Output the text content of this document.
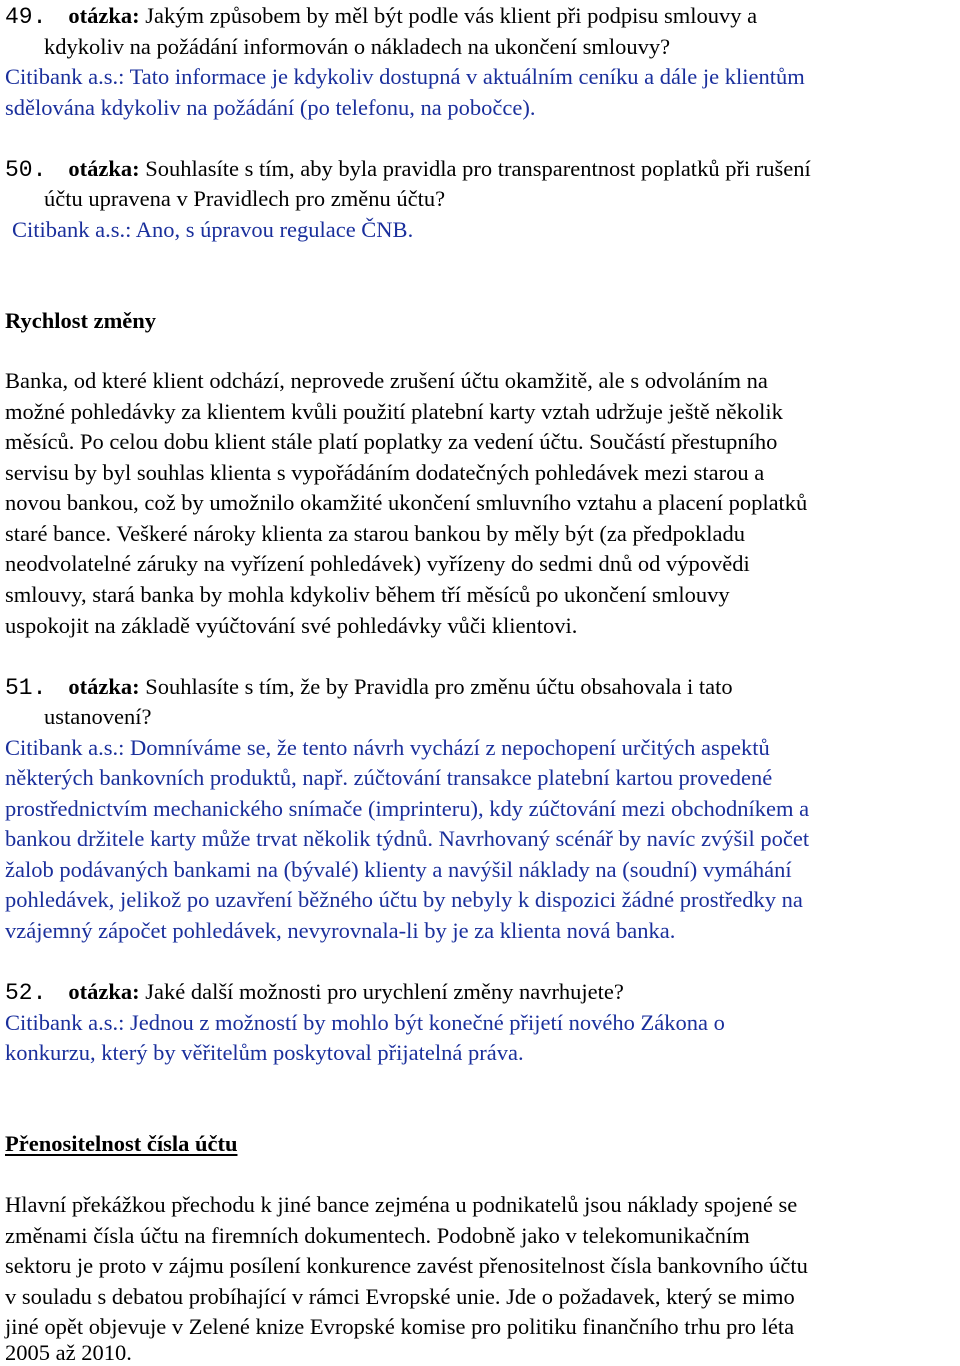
49. otázka: Jakým způsobem by měl být podle vás klient při podpisu smlouvy a
kdykoliv na požádání informován o nákladech na ukončení smlouvy?
Citibank a.s.: Tato informace je kdykoliv dostupná v aktuálním ceníku a dále je klientům
sdělována kdykoliv na požádání (po telefonu, na pobočce).
50. otázka: Souhlasíte s tím, aby byla pravidla pro transparentnost poplatků při rušení
účtu upravena v Pravidlech pro změnu účtu?
Citibank a.s.: Ano, s úpravou regulace ČNB.
Rychlost změny
Banka, od které klient odchází, neprovede zrušení účtu okamžitě, ale s odvoláním na
možné pohledávky za klientem kvůli použití platební karty vztah udržuje ještě několik
měsíců. Po celou dobu klient stále platí poplatky za vedení účtu. Součástí přestupního
servisu by byl souhlas klienta s vypořádáním dodatečných pohledávek mezi starou a
novou bankou, což by umožnilo okamžité ukončení smluvního vztahu a placení poplatků
staré bance. Veškeré nároky klienta za starou bankou by měly být (za předpokladu
neodvolatelné záruky na vyřízení pohledávek) vyřízeny do sedmi dnů od výpovědi
smlouvy, stará banka by mohla kdykoliv během tří měsíců po ukončení smlouvy
uspokojit na základě vyúčtování své pohledávky vůči klientovi.
51. otázka: Souhlasíte s tím, že by Pravidla pro změnu účtu obsahovala i tato
ustanovení?
Citibank a.s.: Domníváme se, že tento návrh vychází z nepochopení určitých aspektů
některých bankovních produktů, např. zúčtování transakce platební kartou provedené
prostřednictvím mechanického snímače (imprinteru), kdy zúčtování mezi obchodníkem a
bankou držitele karty může trvat několik týdnů. Navrhovaný scénář by navíc zvýšil počet
žalob podávaných bankami na (bývalé) klienty a navýšil náklady na (soudní) vymáhání
pohledávek, jelikož po uzavření běžného účtu by nebyly k dispozici žádné prostředky na
vzájemný zápočet pohledávek, nevyrovnala-li by je za klienta nová banka.
52. otázka: Jaké další možnosti pro urychlení změny navrhujete?
Citibank a.s.: Jednou z možností by mohlo být konečné přijetí nového Zákona o
konkurzu, který by věřitelům poskytoval přijatelná práva.
Přenositelnost čísla účtu
Hlavní překážkou přechodu k jiné bance zejména u podnikatelů jsou náklady spojené se
změnami čísla účtu na firemních dokumentech. Podobně jako v telekomunikačním
sektoru je proto v zájmu posílení konkurence zavést přenositelnost čísla bankovního účtu
v souladu s debatou probíhající v rámci Evropské unie. Jde o požadavek, který se mimo
jiné opět objevuje v Zelené knize Evropské komise pro politiku finančního trhu pro léta
2005 až 2010.
